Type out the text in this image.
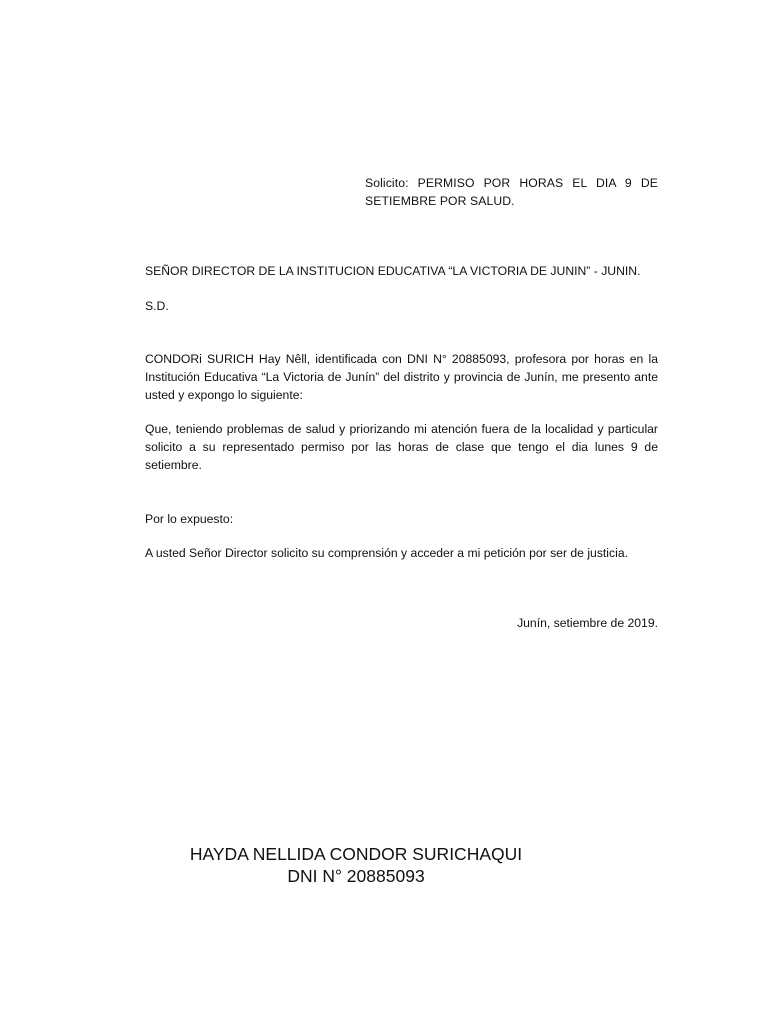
Solicito: PERMISO POR HORAS EL DIA 9 DE SETIEMBRE POR SALUD.

SEÑOR DIRECTOR DE LA INSTITUCION EDUCATIVA “LA VICTORIA DE JUNIN” - JUNIN.

S.D.

CONDORi SURICH Hay Nêll, identificada con DNI N° 20885093, profesora por horas en la Institución Educativa “La Victoria de Junín” del distrito y provincia de Junín, me presento ante usted y expongo lo siguiente:

Que, teniendo problemas de salud y priorizando mi atención fuera de la localidad y particular solicito a su representado permiso por las horas de clase que tengo el dia lunes 9 de setiembre.

Por lo expuesto:

A usted Señor Director solicito su comprensión y acceder a mi petición por ser de justicia.

Junín, setiembre de 2019.

HAYDA NELLIDA CONDOR SURICHAQUI
DNI N° 20885093
